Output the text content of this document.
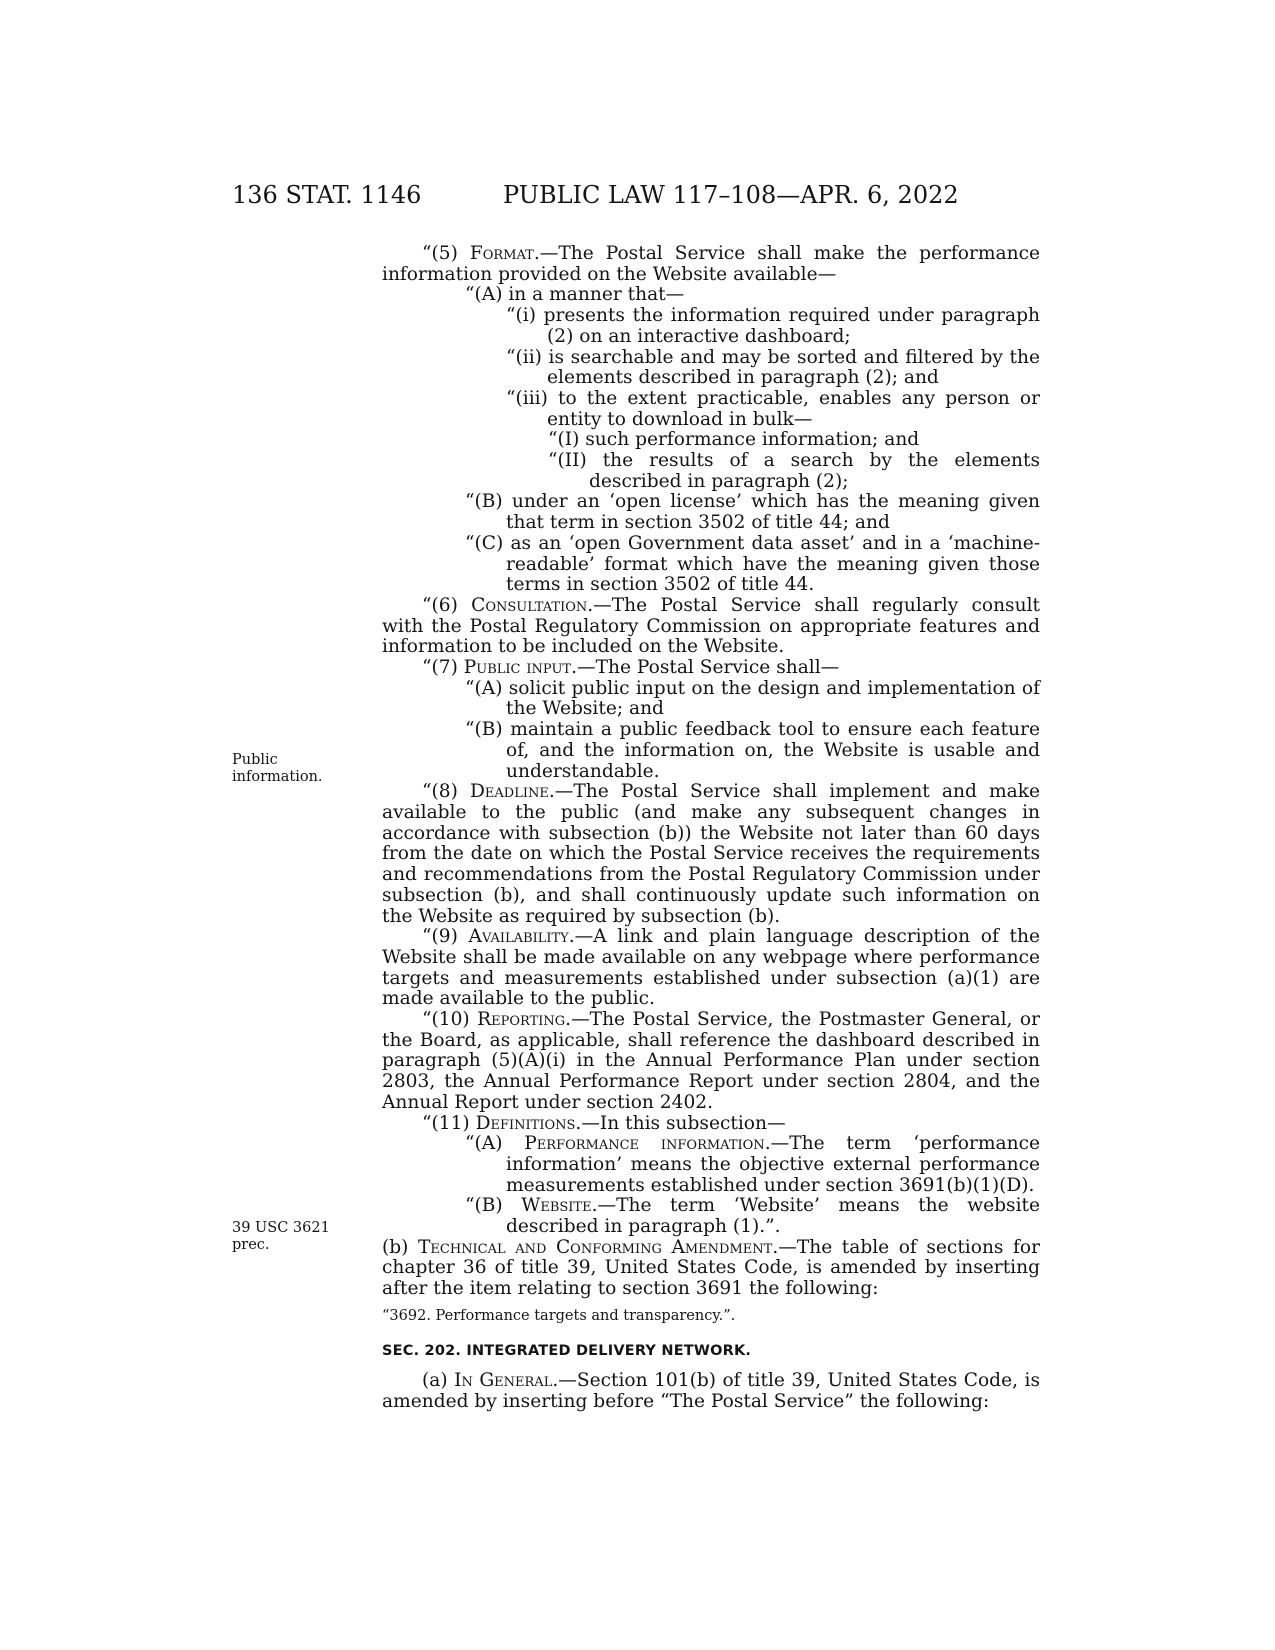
136 STAT. 1146	PUBLIC LAW 117–108—APR. 6, 2022
Public
information.
39 USC 3621
prec.

“(5) Format.—The Postal Service shall make the performance information provided on the Website available—

“(A) in a manner that—

“(i) presents the information required under paragraph (2) on an interactive dashboard;

“(ii) is searchable and may be sorted and filtered by the elements described in paragraph (2); and

“(iii) to the extent practicable, enables any person or entity to download in bulk—

“(I) such performance information; and

“(II) the results of a search by the elements described in paragraph (2);

“(B) under an ‘open license’ which has the meaning given that term in section 3502 of title 44; and

“(C) as an ‘open Government data asset’ and in a ‘machine-readable’ format which have the meaning given those terms in section 3502 of title 44.

“(6) Consultation.—The Postal Service shall regularly consult with the Postal Regulatory Commission on appropriate features and information to be included on the Website.

“(7) Public input.—The Postal Service shall—

“(A) solicit public input on the design and implementation of the Website; and

“(B) maintain a public feedback tool to ensure each feature of, and the information on, the Website is usable and understandable.

“(8) Deadline.—The Postal Service shall implement and make available to the public (and make any subsequent changes in accordance with subsection (b)) the Website not later than 60 days from the date on which the Postal Service receives the requirements and recommendations from the Postal Regulatory Commission under subsection (b), and shall continuously update such information on the Website as required by subsection (b).

“(9) Availability.—A link and plain language description of the Website shall be made available on any webpage where performance targets and measurements established under subsection (a)(1) are made available to the public.

“(10) Reporting.—The Postal Service, the Postmaster General, or the Board, as applicable, shall reference the dashboard described in paragraph (5)(A)(i) in the Annual Performance Plan under section 2803, the Annual Performance Report under section 2804, and the Annual Report under section 2402.

“(11) Definitions.—In this subsection—

“(A) Performance information.—The term ‘performance information’ means the objective external performance measurements established under section 3691(b)(1)(D).

“(B) Website.—The term ‘Website’ means the website described in paragraph (1).”.

(b) Technical and Conforming Amendment.—The table of sections for chapter 36 of title 39, United States Code, is amended by inserting after the item relating to section 3691 the following:

“3692. Performance targets and transparency.”.

SEC. 202. INTEGRATED DELIVERY NETWORK.

(a) In General.—Section 101(b) of title 39, United States Code, is amended by inserting before “The Postal Service” the following:
